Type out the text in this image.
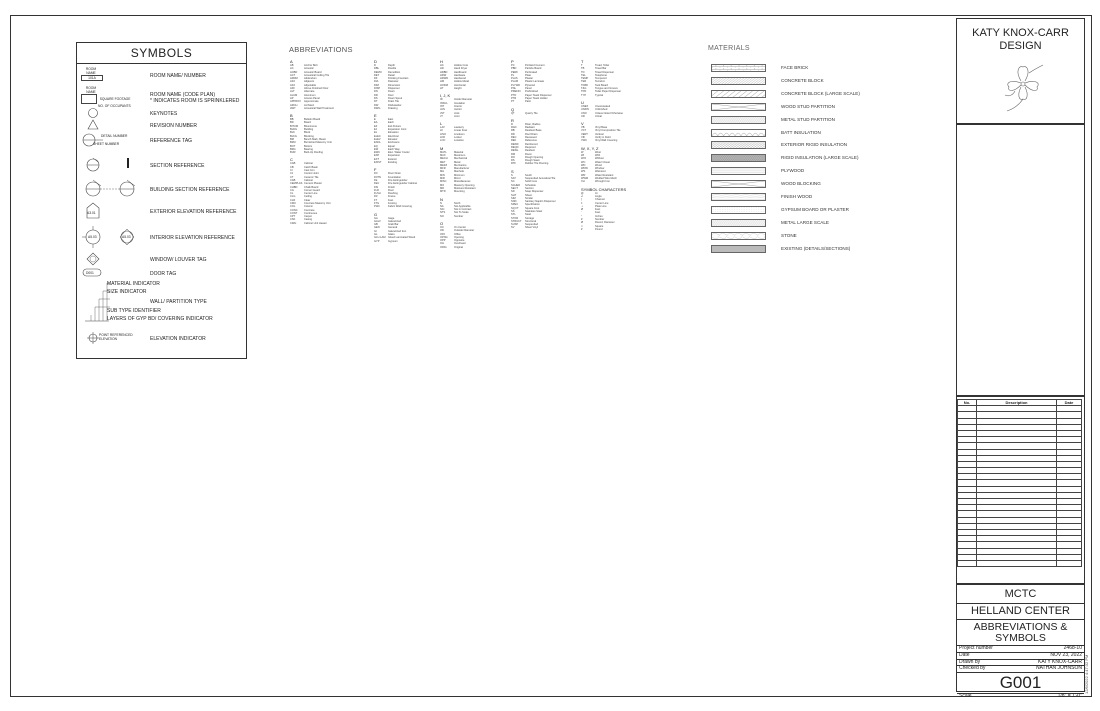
SYMBOLS
ROOM NAME
101A	ROOM NAME/ NUMBER
ROOM NAME
SQUARE FOOTAGE
NO. OF OCCUPANTS
ROOM NAME (CODE PLAN)
* INDICATES ROOM IS SPRINKLERED
KEYNOTES
REVISION NUMBER
DETAIL NUMBER
SHEET NUMBER	REFERENCE TAG
SECTION REFERENCE
BUILDING SECTION REFERENCE
A3.01	EXTERIOR ELEVATION REFERENCE
A5.03	A5.03	INTERIOR ELEVATION REFERENCE
WINDOW/ LOUVER TAG
D001	DOOR TAG
MATERIAL INDICATOR
SIZE INDICATOR
WALL/ PARTITION TYPE
SUB TYPE IDENTIFIER
LAYERS OF GYP BD/ COVERING INDICATOR
POINT REFERENCED
ELEVATION	ELEVATION INDICATOR
ABBREVIATIONS
A
AB	Anchor Bolt
AC	Acoustic
ACBD	Acoustic Board
ACT	Acoustical Ceiling Tile
ADDM	Addendum
ADJ	Adjacent
ADJ	Adjustable
AFF	Above Finished Floor
ALT	Alternate
ALUM	Aluminum
AP	Access Panel
APPROX	Approximate
ARCH	Architect
AWT	Acoustical Wall Treatment
B
BB	Bulletin Board
BD	Board
BITUM	Bituminous
BLDG	Building
BLK	Block
BLKG	Blocking
BM	Bench Mark, Beam
BMU	Burnished Masonry Unit
BOT	Bottom
BRG	Bearing
BUR	Built-Up Roofing
C
CAB	Cabinet
CB	Catch Basin
CI	Cast Iron
CJ	Control Joint
CT	Ceramic Tile
CAB	Cabinet
CEMPLAS Cement Plaster
CHBD	Chalk Board
CG	Corner Guard
CL	Center Line
CLG	Ceiling
CLR	Clear
CMU	Concrete Masonry Unit
COL	Column
CONC	Concrete
CONT	Continuous
CPT	Carpet
CSK	Casing
CWH	Cabinet Unit Heater
D
D	Depth
DBL	Double
DEMO	Demolition
DET	Detail
DF	Drinking Fountain
DIA	Diameter
DIM	Dimension
DISP	Dispenser
DN	Down
DR	Door
DS	Down Spout
DT	Drain Tile
DW	Dishwasher
DWG	Drawing
E
E	East
EA	Each
EF	Exit Fixture
EJ	Expansion Joint
EL	Elevation
ELEC	Electrical
ELEV	Elevator
ENCL	Enclosure
EQ	Equal
EW	Each Way
EWC	Elec. Water Cooler
EXP	Expansion
EXT	Exterior
EXIST	Existing
F
FD	Floor Drain
FDTN	Foundation
FE	Fire Extinguisher
FEC	Fire Extinguisher Cabinet
FIN	Finish
FLR	Floor
FLSH	Flashing
FR	Frame
FT	Feet
FTG	Footing
FWC	Fabric Wall Covering
G
GA	Gage
GALV	Galvanized
GB	Grab Bar
GEN	General
GI	Galvanized Iron
GL	Glass
GLU-LAM Glued Laminated Wood
GYP	Gypsum
H
HC	Hollow Core
HD	Hand Dryer
HDBD	Hardboard
HDW	Hardware
HDWD	Hardwood
HM	Hollow Metal
HORIZ	Horizontal
HT	Height
I, J, K
ID	Inside Diameter
INSUL	Insulation
INT	Interior
JAN	Janitor
JST	Joist
JT	Joint
L
LAV	Lavatory
LF	Linear Feet
LINO	Linoleum
LKR	Locker
LOC	Location
M
MATL	Material
MAX	Maximum
MECH	Mechanical
MET	Metal
MEZZ	Mezzanine
MFR	Manufacturer
MH	Manhole
MIN	Minimum
MIR	Mirror
MISC	Miscellaneous
MO	Masonry Opening
MR	Moisture Resistant
MTD	Mounting
N
N	North
NA	Not Applicable
NIC	Not in Contract
NTS	Not To Scale
NO	Number
O
OC	On Center
OD	Outside Diameter
OFF	Office
OPNG	Opening
OPP	Opposite
OH	Overhead
ORIG	Original
P
PC	Portland Cement
PBD	Particle Board
PERF	Perforated
PL	Plate
PLAS	Plaster
PLAM	Plastic Laminate
PLYWD	Plywood
PNL	Panel
PREFIN	Prefinished
PTD	Paper Towel Dispenser
PTR	Paper Towel Holder
PT	Paint
Q
QT	Quarry Tile
R
R	Riser, Radius
RAD	Radiator
RB	Resilient Base
RD	Roof Drain
REC	Recessed
REF	Reference
REINF	Reinforced
REQD	Required
RESIL	Resilient
RM	Room
RO	Rough Opening
RS	Rough Sawn
RTF	Rubber Tile Flooring
S
S	South
SAT	Suspended Acoustical Tile
SC	Solid Core
SCHED	Schedule
SECT	Section
SD	Soap Dispenser
SHT	Sheet
SIM	Similar
SND	Sanitary Napkin Dispenser
SPEC	Specification
SQ FT	Square Foot
SS	Stainless Steel
STL	Steel
STOR	Storage
STRUCT	Structural
SUSP	Suspended
SV	Sheet Vinyl
T
T	Tread, Toilet
TB	Towel Bar
TD	Towel Dispenser
TEL	Telephone
TEMP	Tempered
TER	Terrazzo
TKBD	Tack Board
T&G	Tongue and Groove
TPD	Toilet Paper Dispenser
TYP	Typical
U
UNEX	Unexcavated
UNFIN	Unfinished
UNO	Unless Noted Otherwise
UR	Urinal
V
VB	Vinyl Base
VCT	Vinyl Composition Tile
VERT	Vertical
VIF	Verify in Field
VWC	Vinyl Wall Covering
W, X, Y, Z
W	West
WI	With
W/O	Without
WC	Water Closet
WD	Wood
WDW	Window
WS	Wainscot
WR	Water Resistant
WWM	Welded Wire Mesh
XH	Wrought Iron
SYMBOL CHARACTERS
@	At
∠	Angle
[	Channel
¢	Center Line
⊥	Plate Line
Ø	Feet
'	Feet
"	Inches
#	Number
Ø	Round, Diameter
□	Square
#	Pound
MATERIALS
FACE BRICK
CONCRETE BLOCK
CONCRETE BLOCK (LARGE SCALE)
WOOD STUD PARTITION
METAL STUD PARTITION
BATT INSULATION
EXTERIOR RIGID INSULATION
RIGID INSULATION (LARGE SCALE)
PLYWOOD
WOOD BLOCKING
FINISH WOOD
GYPSUM BOARD OR PLASTER
METAL LARGE SCALE
STONE
EXISTING (DETAILS/SECTIONS)
KATY KNOX-CARR
DESIGN
No.	Description	Date

MCTC
HELLAND CENTER
ABBREVIATIONS &
SYMBOLS
Project number	2468-10
Date	NOV 23, 2022
Drawn by	KATY KNOX-CARR
Checked by	NATHAN JOHNSON
G001
Scale	1/8" = 1'-0"
12/6/2022 4:47:32 PM
